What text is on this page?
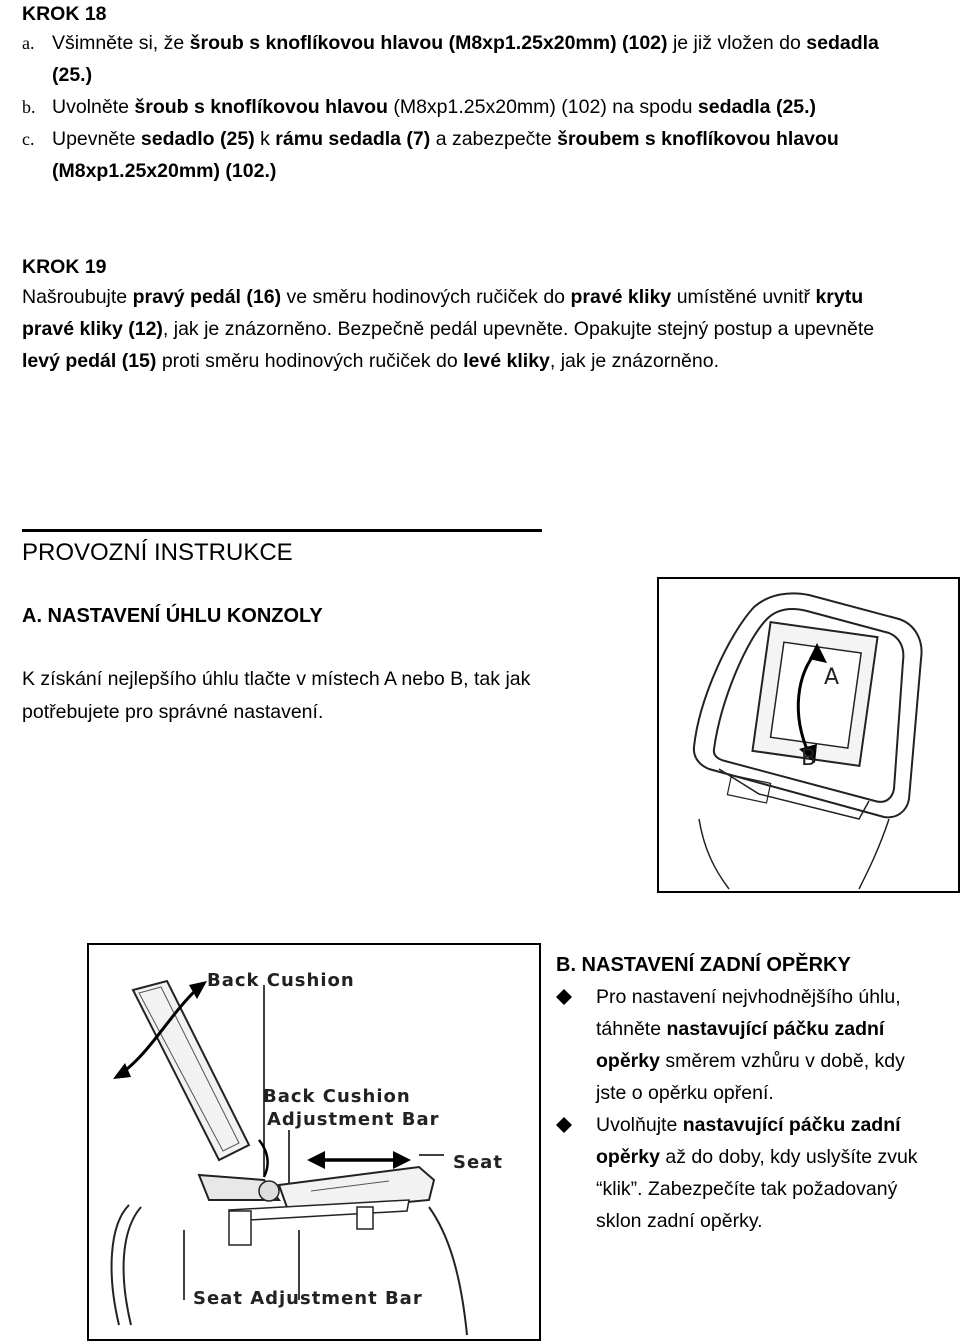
KROK 18
a. Všimněte si, že šroub s knoflíkovou hlavou (M8xp1.25x20mm) (102) je již vložen do sedadla
(25.)
b. Uvolněte šroub s knoflíkovou hlavou (M8xp1.25x20mm) (102) na spodu sedadla (25.)
c. Upevněte sedadlo (25) k rámu sedadla (7) a zabezpečte šroubem s knoflíkovou hlavou
(M8xp1.25x20mm) (102.)
KROK 19
Našroubujte pravý pedál (16) ve směru hodinových ručiček do pravé kliky umístěné uvnitř krytu
pravé kliky (12), jak je znázorněno. Bezpečně pedál upevněte. Opakujte stejný postup a upevněte
levý pedál (15) proti směru hodinových ručiček do levé kliky, jak je znázorněno.
PROVOZNÍ INSTRUKCE
A. NASTAVENÍ ÚHLU KONZOLY
K získání nejlepšího úhlu tlačte v místech A nebo B, tak jak
potřebujete pro správné nastavení.
A
B
Back Cushion
Back Cushion
Adjustment Bar
Seat
Seat Adjustment Bar
B. NASTAVENÍ ZADNÍ OPĚRKY
Pro nastavení nejvhodnějšího úhlu,
táhněte nastavující páčku zadní
opěrky směrem vzhůru v době, kdy
jste o opěrku opření.
Uvolňujte nastavující páčku zadní
opěrky až do doby, kdy uslyšíte zvuk
“klik”. Zabezpečíte tak požadovaný
sklon zadní opěrky.
